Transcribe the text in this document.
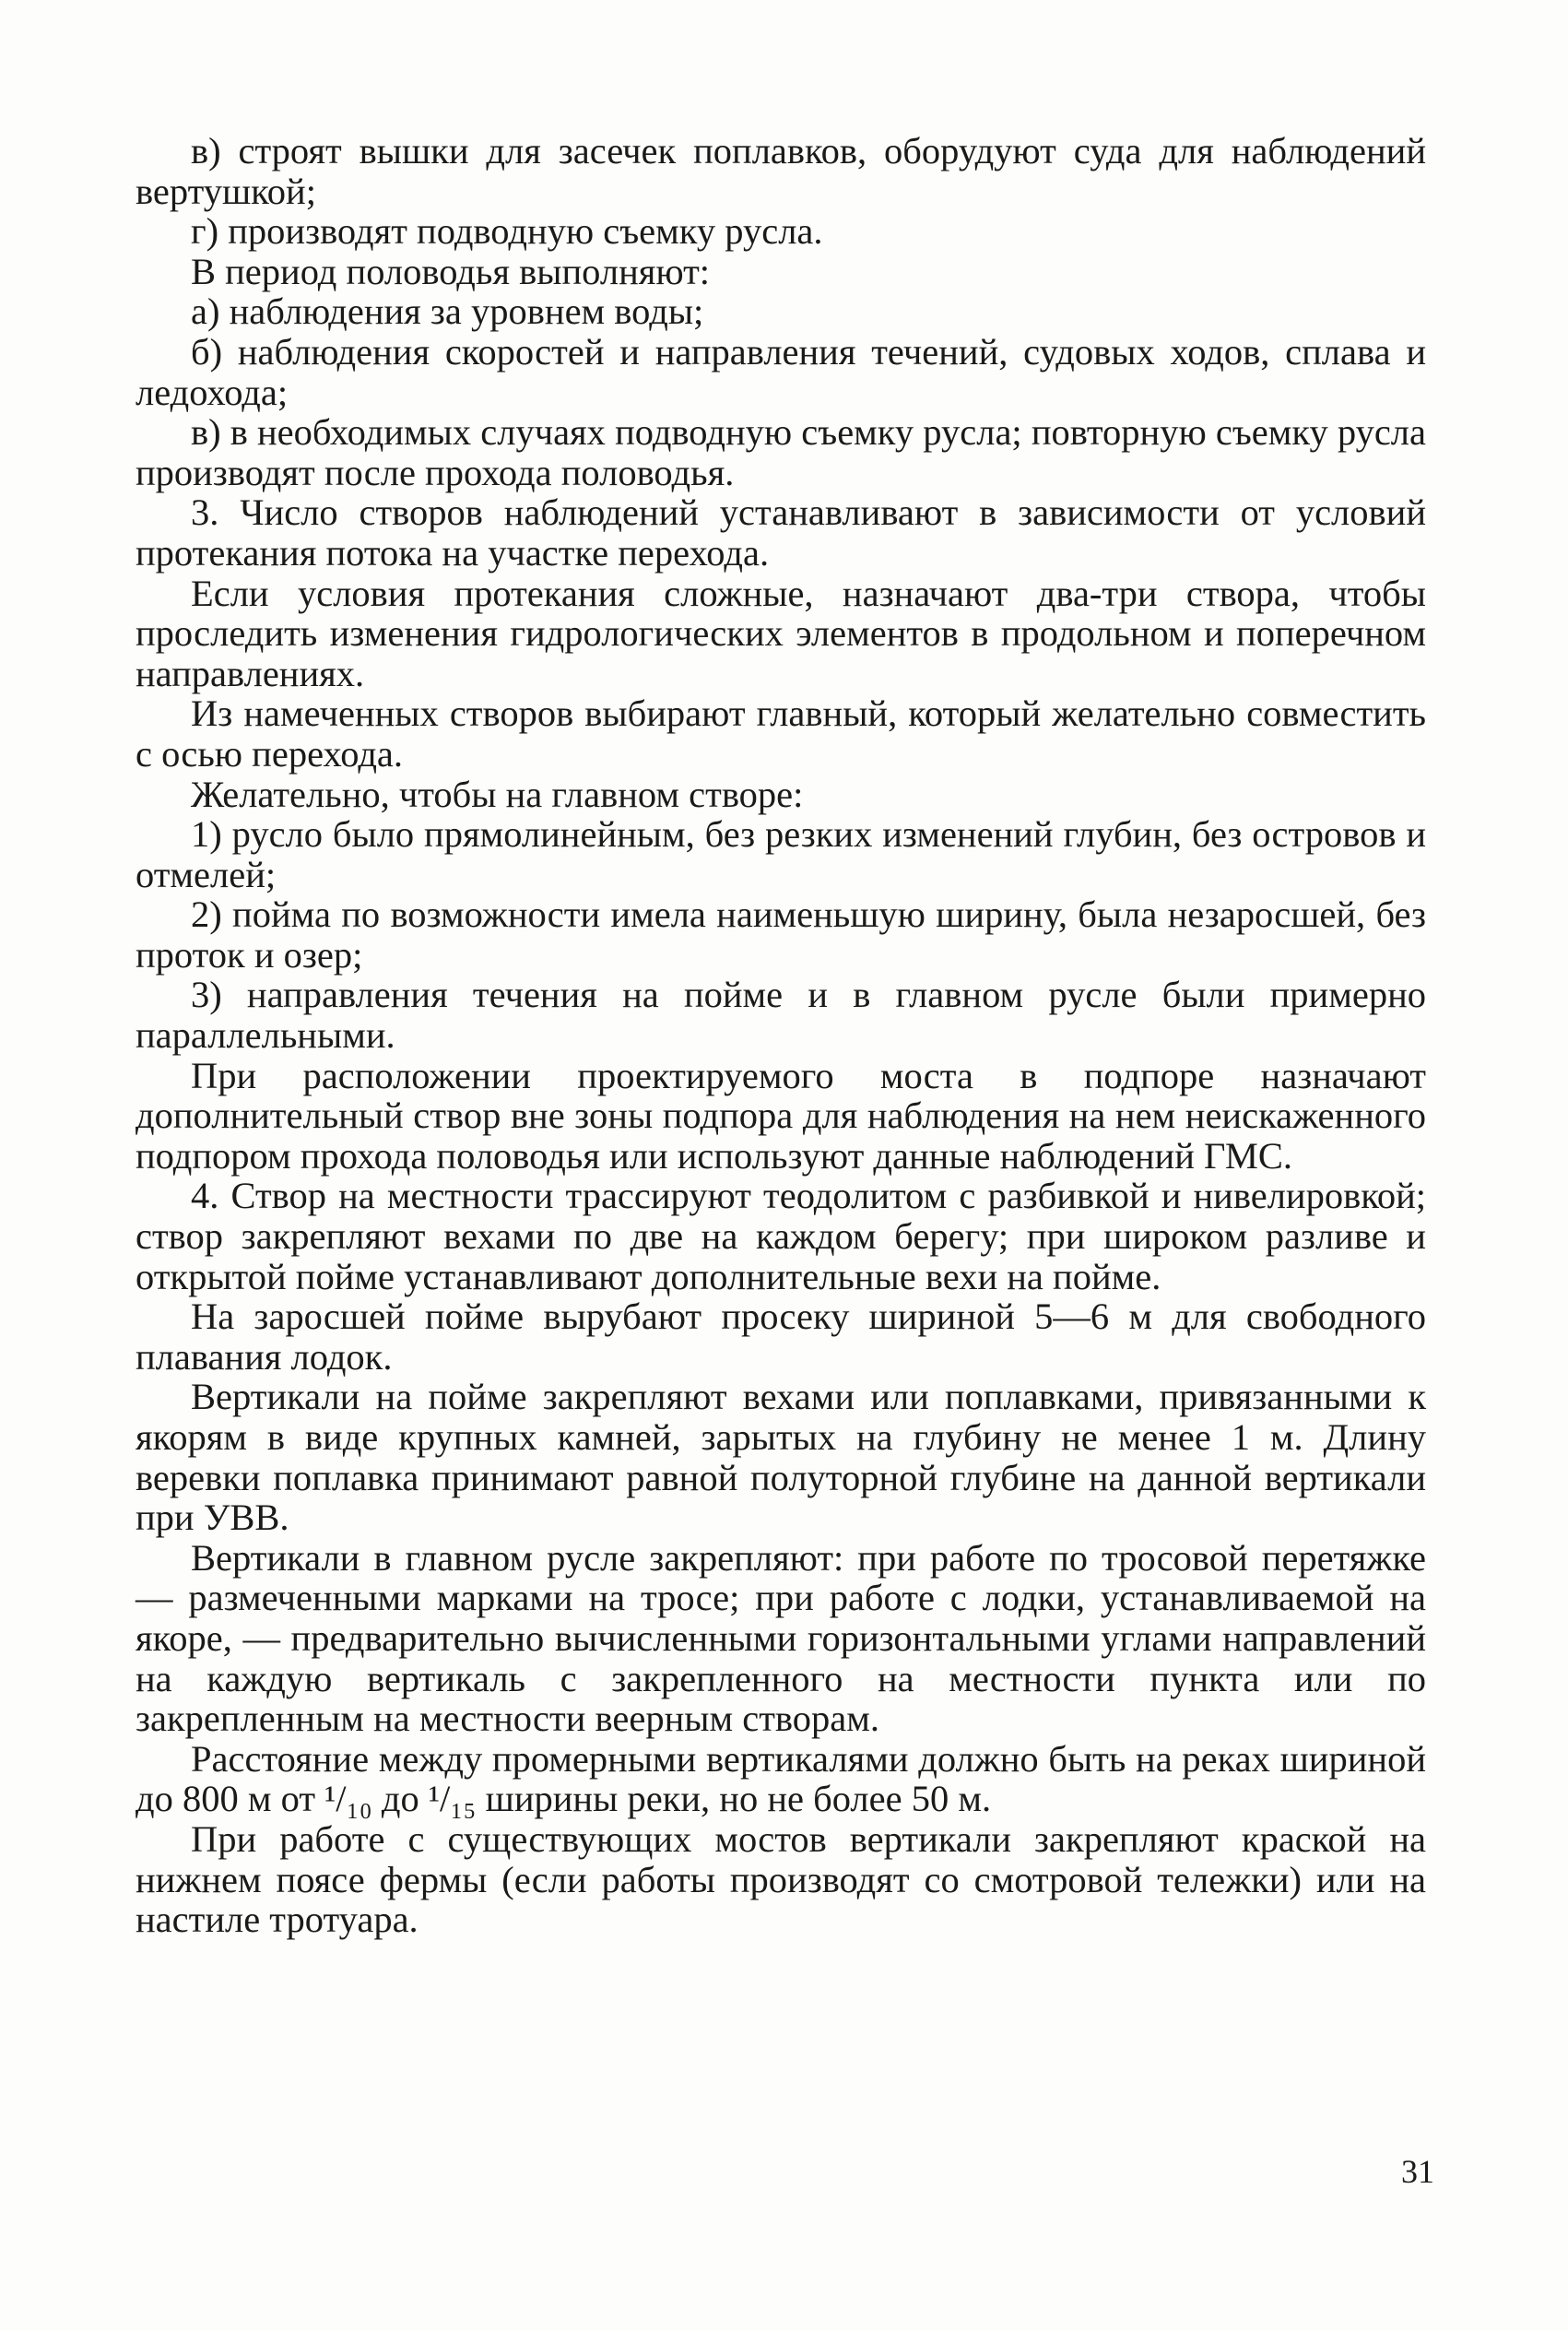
в) строят вышки для засечек поплавков, оборудуют суда для наблюдений вертушкой;

г) производят подводную съемку русла.

В период половодья выполняют:

а) наблюдения за уровнем воды;

б) наблюдения скоростей и направления течений, судовых ходов, сплава и ледохода;

в) в необходимых случаях подводную съемку русла; повторную съемку русла производят после прохода половодья.

3. Число створов наблюдений устанавливают в зависимости от условий протекания потока на участке перехода.

Если условия протекания сложные, назначают два-три створа, чтобы проследить изменения гидрологических элементов в продольном и поперечном направлениях.

Из намеченных створов выбирают главный, который желательно совместить с осью перехода.

Желательно, чтобы на главном створе:

1) русло было прямолинейным, без резких изменений глубин, без островов и отмелей;

2) пойма по возможности имела наименьшую ширину, была незаросшей, без проток и озер;

3) направления течения на пойме и в главном русле были примерно параллельными.

При расположении проектируемого моста в подпоре назначают дополнительный створ вне зоны подпора для наблюдения на нем неискаженного подпором прохода половодья или используют данные наблюдений ГМС.

4. Створ на местности трассируют теодолитом с разбивкой и нивелировкой; створ закрепляют вехами по две на каждом берегу; при широком разливе и открытой пойме устанавливают дополнительные вехи на пойме.

На заросшей пойме вырубают просеку шириной 5—6 м для свободного плавания лодок.

Вертикали на пойме закрепляют вехами или поплавками, привязанными к якорям в виде крупных камней, зарытых на глубину не менее 1 м. Длину веревки поплавка принимают равной полуторной глубине на данной вертикали при УВВ.

Вертикали в главном русле закрепляют: при работе по тросовой перетяжке — размеченными марками на тросе; при работе с лодки, устанавливаемой на якоре, — предварительно вычисленными горизонтальными углами направлений на каждую вертикаль с закрепленного на местности пункта или по закрепленным на местности веерным створам.

Расстояние между промерными вертикалями должно быть на реках шириной до 800 м от ¹/₁₀ до ¹/₁₅ ширины реки, но не более 50 м.

При работе с существующих мостов вертикали закрепляют краской на нижнем поясе фермы (если работы производят со смотровой тележки) или на настиле тротуара.

31
